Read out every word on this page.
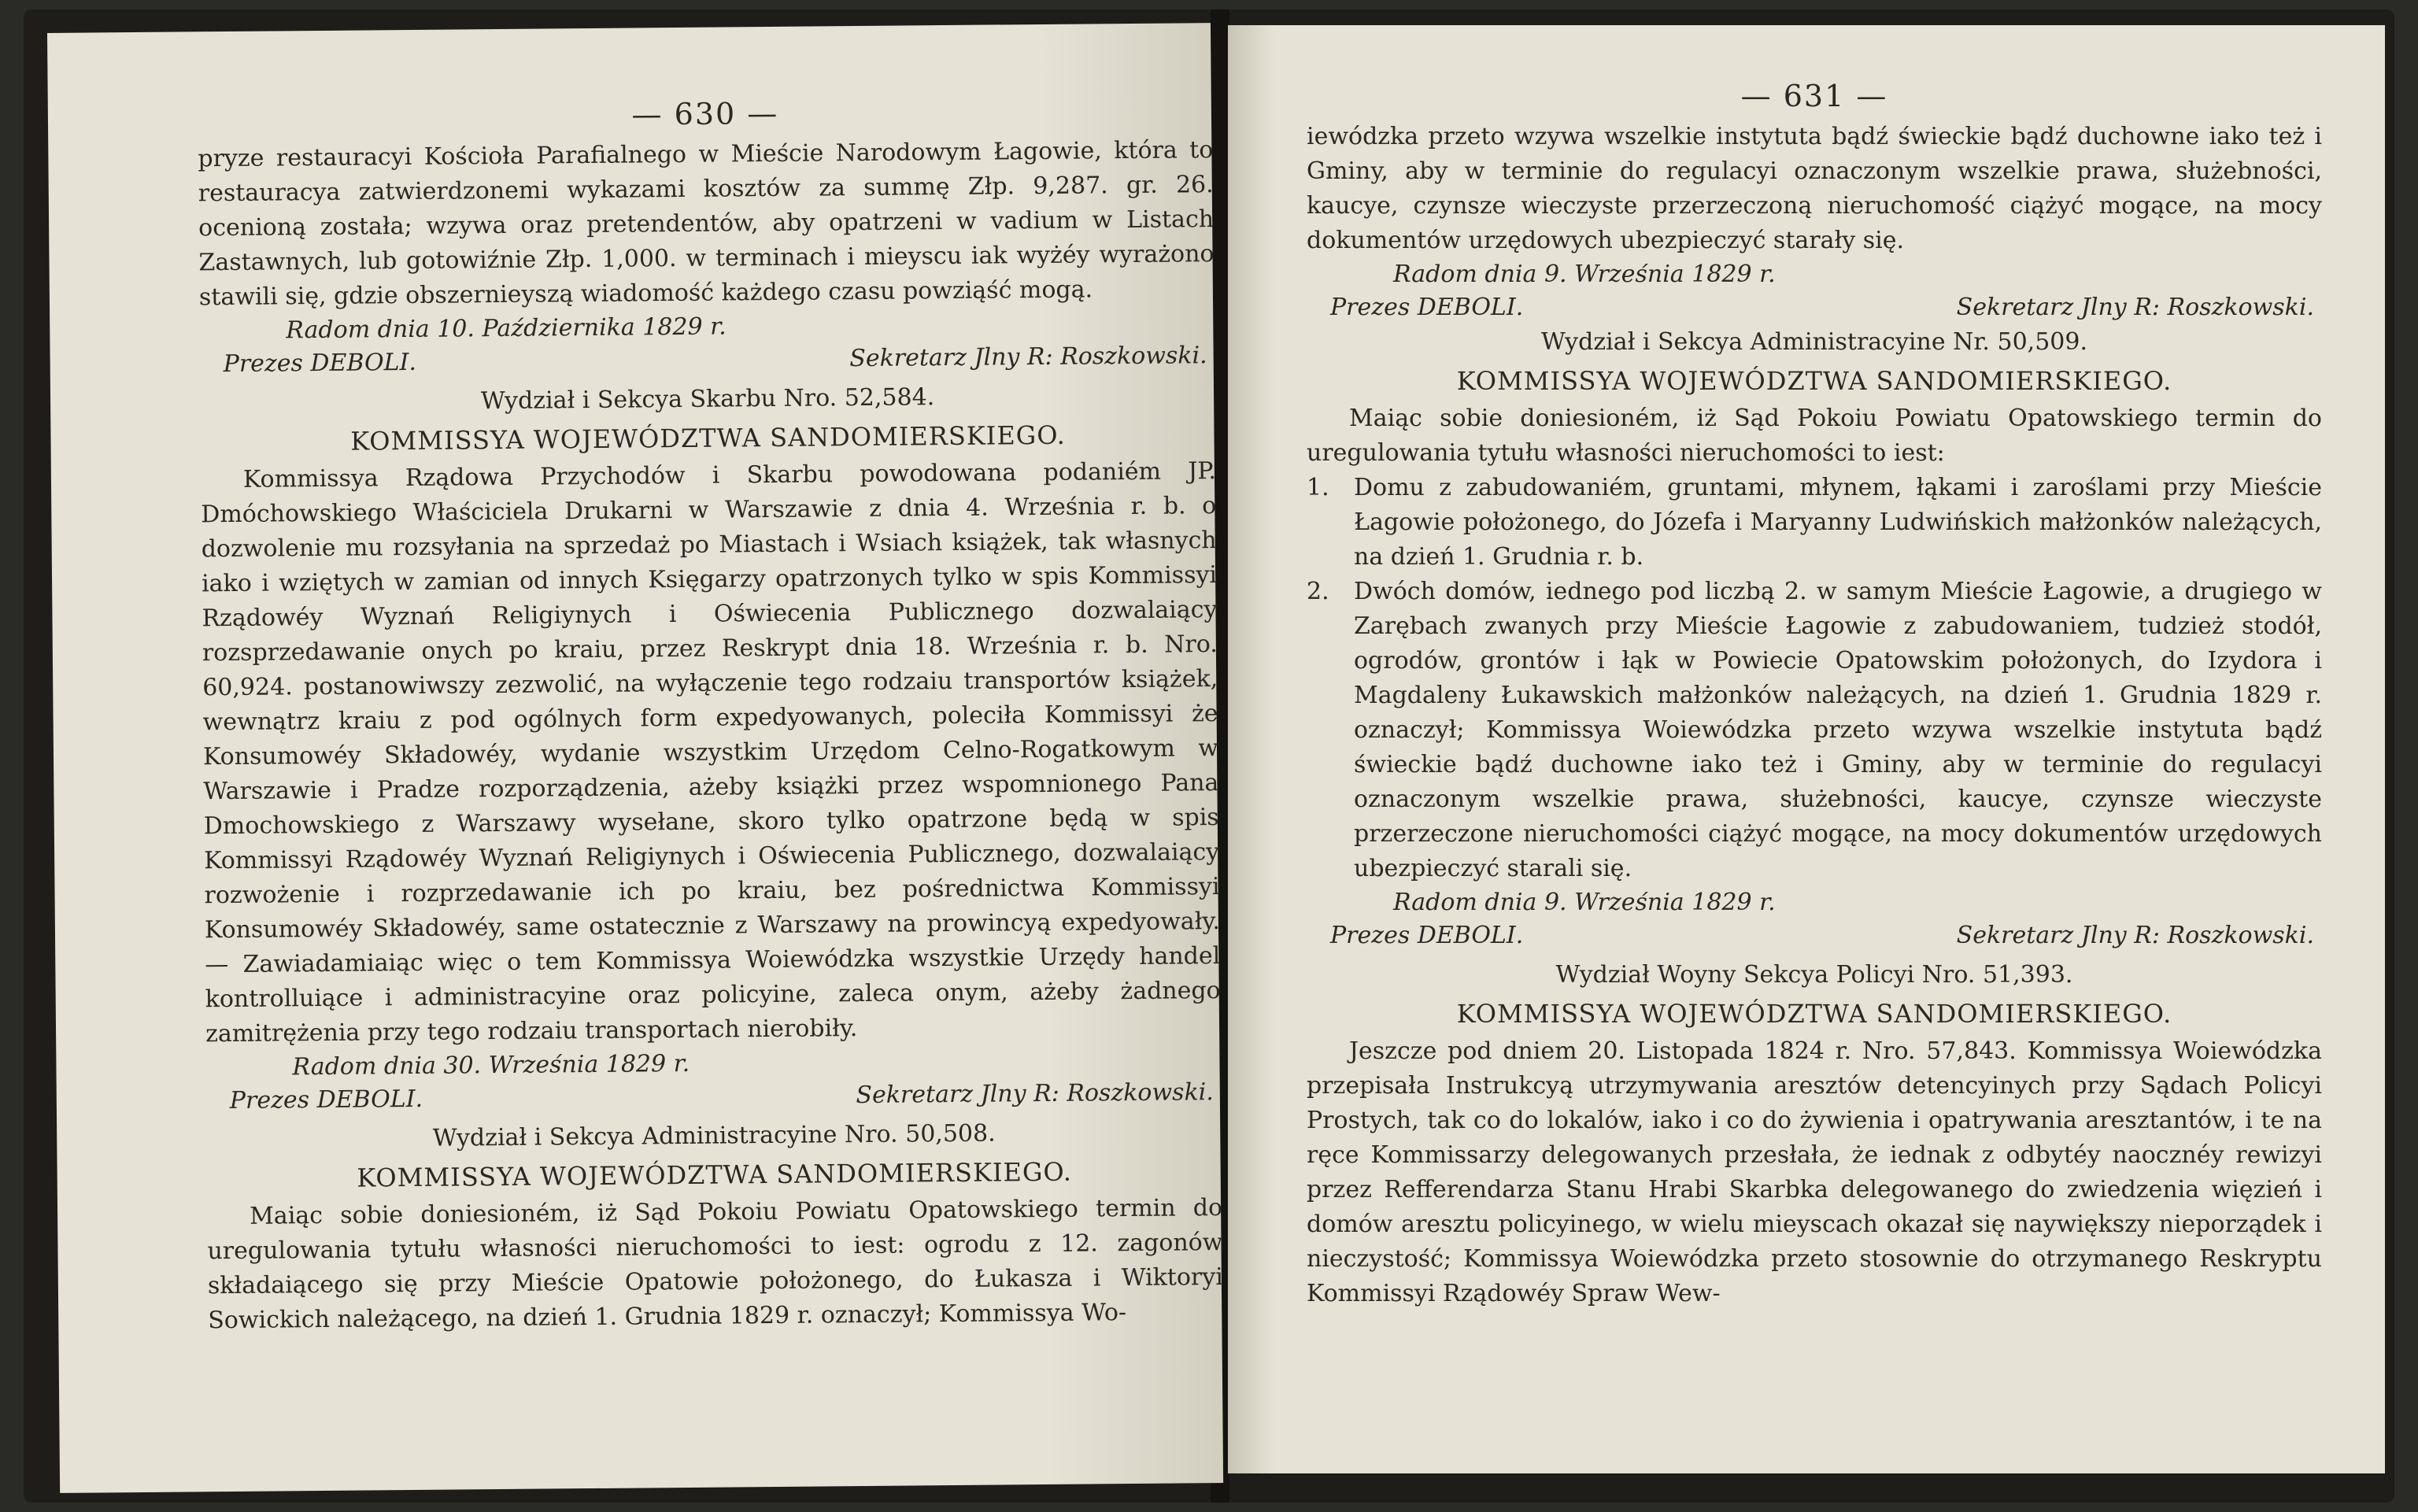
— 630 —

pryze restauracyi Kościoła Parafialnego w Mieście Narodowym Łagowie, która to restauracya zatwierdzonemi wykazami kosztów za summę Złp. 9,287. gr. 26. ocenioną została; wzywa oraz pretendentów, aby opatrzeni w vadium w Listach Zastawnych, lub gotowiźnie Złp. 1,000. w terminach i mieyscu iak wyżéy wyrażono stawili się, gdzie obszernieyszą wiadomość każdego czasu powziąść mogą.

Radom dnia 10. Października 1829 r.
Prezes DEBOLI.	Sekretarz Jlny R: Roszkowski.
Wydział i Sekcya Skarbu Nro. 52,584.
KOMMISSYA WOJEWÓDZTWA SANDOMIERSKIEGO.

Kommissya Rządowa Przychodów i Skarbu powodowana podaniém JP. Dmóchowskiego Właściciela Drukarni w Warszawie z dnia 4. Września r. b. o dozwolenie mu rozsyłania na sprzedaż po Miastach i Wsiach książek, tak własnych iako i wziętych w zamian od innych Księgarzy opatrzonych tylko w spis Kommissyi Rządowéy Wyznań Religiynych i Oświecenia Publicznego dozwalaiący rozsprzedawanie onych po kraiu, przez Reskrypt dnia 18. Września r. b. Nro. 60,924. postanowiwszy zezwolić, na wyłączenie tego rodzaiu transportów książek, wewnątrz kraiu z pod ogólnych form expedyowanych, poleciła Kommissyi że Konsumowéy Składowéy, wydanie wszystkim Urzędom Celno-Rogatkowym w Warszawie i Pradze rozporządzenia, ażeby książki przez wspomnionego Pana Dmochowskiego z Warszawy wysełane, skoro tylko opatrzone będą w spis Kommissyi Rządowéy Wyznań Religiynych i Oświecenia Publicznego, dozwalaiący rozwożenie i rozprzedawanie ich po kraiu, bez pośrednictwa Kommissyi Konsumowéy Składowéy, same ostatecznie z Warszawy na prowincyą expedyowały. — Zawiadamiaiąc więc o tem Kommissya Woiewódzka wszystkie Urzędy handel kontrolluiące i administracyine oraz policyine, zaleca onym, ażeby żadnego zamitrężenia przy tego rodzaiu transportach nierobiły.

Radom dnia 30. Września 1829 r.
Prezes DEBOLI.	Sekretarz Jlny R: Roszkowski.
Wydział i Sekcya Administracyine Nro. 50,508.
KOMMISSYA WOJEWÓDZTWA SANDOMIERSKIEGO.

Maiąc sobie doniesioném, iż Sąd Pokoiu Powiatu Opatowskiego termin do uregulowania tytułu własności nieruchomości to iest: ogrodu z 12. zagonów składaiącego się przy Mieście Opatowie położonego, do Łukasza i Wiktoryi Sowickich należącego, na dzień 1. Grudnia 1829 r. oznaczył; Kommissya Wo-

— 631 —

iewódzka przeto wzywa wszelkie instytuta bądź świeckie bądź duchowne iako też i Gminy, aby w terminie do regulacyi oznaczonym wszelkie prawa, służebności, kaucye, czynsze wieczyste przerzeczoną nieruchomość ciążyć mogące, na mocy dokumentów urzędowych ubezpieczyć starały się.

Radom dnia 9. Września 1829 r.
Prezes DEBOLI.	Sekretarz Jlny R: Roszkowski.
Wydział i Sekcya Administracyine Nr. 50,509.
KOMMISSYA WOJEWÓDZTWA SANDOMIERSKIEGO.

Maiąc sobie doniesioném, iż Sąd Pokoiu Powiatu Opatowskiego termin do uregulowania tytułu własności nieruchomości to iest:

1.	Domu z zabudowaniém, gruntami, młynem, łąkami i zaroślami przy Mieście Łagowie położonego, do Józefa i Maryanny Ludwińskich małżonków należących, na dzień 1. Grudnia r. b.
2.	Dwóch domów, iednego pod liczbą 2. w samym Mieście Łagowie, a drugiego w Zarębach zwanych przy Mieście Łagowie z zabudowaniem, tudzież stodół, ogrodów, grontów i łąk w Powiecie Opatowskim położonych, do Izydora i Magdaleny Łukawskich małżonków należących, na dzień 1. Grudnia 1829 r. oznaczył; Kommissya Woiewódzka przeto wzywa wszelkie instytuta bądź świeckie bądź duchowne iako też i Gminy, aby w terminie do regulacyi oznaczonym wszelkie prawa, służebności, kaucye, czynsze wieczyste przerzeczone nieruchomości ciążyć mogące, na mocy dokumentów urzędowych ubezpieczyć starali się.
Radom dnia 9. Września 1829 r.
Prezes DEBOLI.	Sekretarz Jlny R: Roszkowski.
Wydział Woyny Sekcya Policyi Nro. 51,393.
KOMMISSYA WOJEWÓDZTWA SANDOMIERSKIEGO.

Jeszcze pod dniem 20. Listopada 1824 r. Nro. 57,843. Kommissya Woiewódzka przepisała Instrukcyą utrzymywania aresztów detencyinych przy Sądach Policyi Prostych, tak co do lokalów, iako i co do żywienia i opatrywania aresztantów, i te na ręce Kommissarzy delegowanych przesłała, że iednak z odbytéy naocznéy rewizyi przez Refferendarza Stanu Hrabi Skarbka delegowanego do zwiedzenia więzień i domów aresztu policyinego, w wielu mieyscach okazał się naywiększy nieporządek i nieczystość; Kommissya Woiewódzka przeto stosownie do otrzymanego Reskryptu Kommissyi Rządowéy Spraw Wew-
